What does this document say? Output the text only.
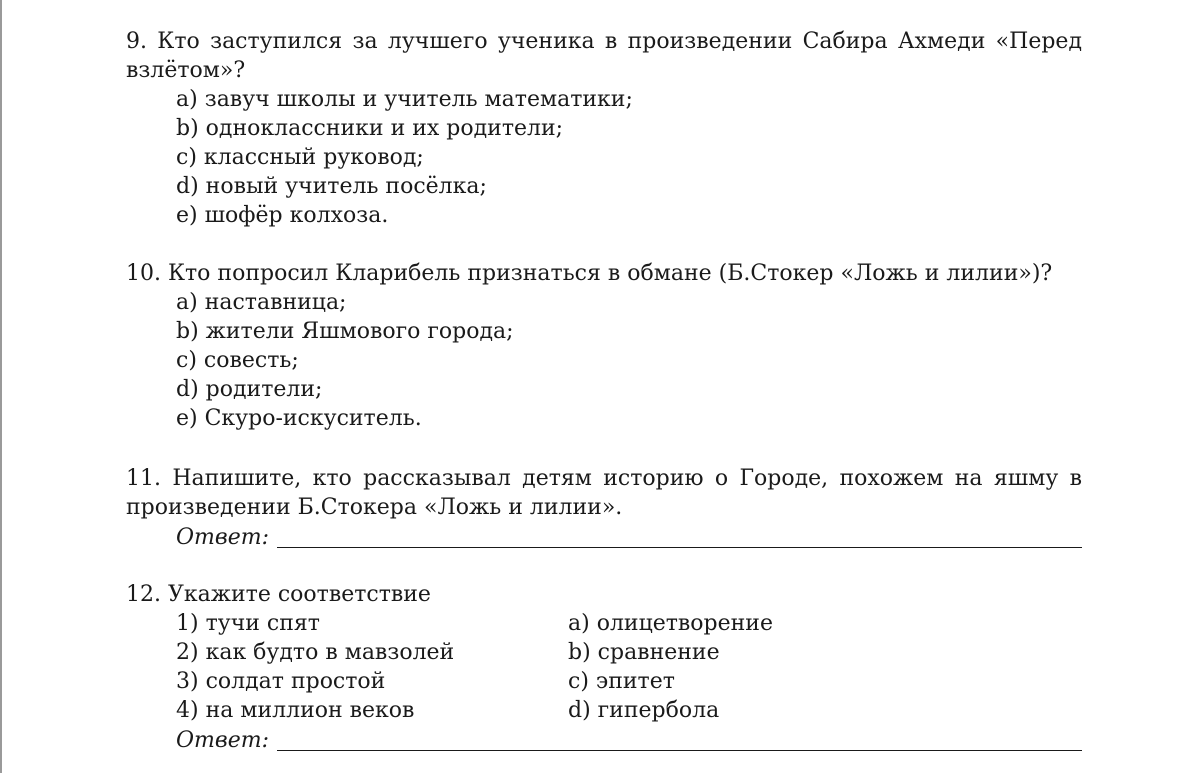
9. Кто заступился за лучшего ученика в произведении Сабира Ахмеди «Перед взлётом»?

a) завуч школы и учитель математики;
b) одноклассники и их родители;
c) классный руковод;
d) новый учитель посёлка;
e) шофёр колхоза.

10. Кто попросил Кларибель признаться в обмане (Б.Стокер «Ложь и лилии»)?

a) наставница;
b) жители Яшмового города;
c) совесть;
d) родители;
e) Скуро-искуситель.

11. Напишите, кто рассказывал детям историю о Городе, похожем на яшму в произведении Б.Стокера «Ложь и лилии».

Ответ:

12. Укажите соответствие

1) тучи спят
2) как будто в мавзолей
3) солдат простой
4) на миллион веков
a) олицетворение
b) сравнение
c) эпитет
d) гипербола
Ответ:
